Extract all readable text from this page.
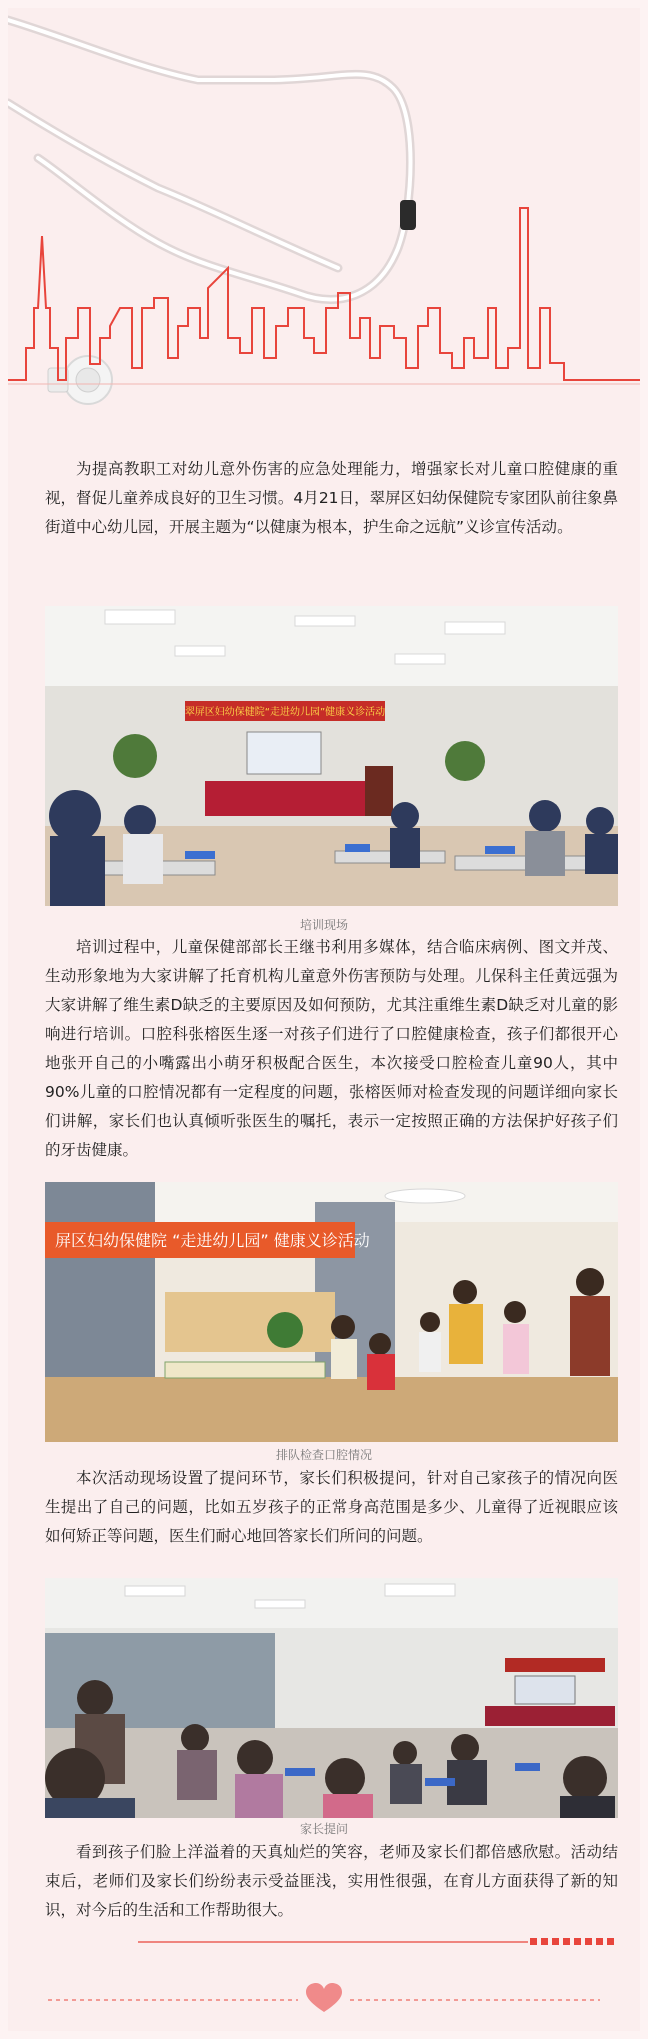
为提高教职工对幼儿意外伤害的应急处理能力，增强家长对儿童口腔健康的重视，督促儿童养成良好的卫生习惯。4月21日，翠屏区妇幼保健院专家团队前往象鼻街道中心幼儿园，开展主题为“以健康为根本，护生命之远航”义诊宣传活动。

翠屏区妇幼保健院“走进幼儿园”健康义诊活动
培训现场

培训过程中，儿童保健部部长王继书利用多媒体，结合临床病例、图文并茂、生动形象地为大家讲解了托育机构儿童意外伤害预防与处理。儿保科主任黄远强为大家讲解了维生素D缺乏的主要原因及如何预防，尤其注重维生素D缺乏对儿童的影响进行培训。口腔科张榕医生逐一对孩子们进行了口腔健康检查，孩子们都很开心地张开自己的小嘴露出小萌牙积极配合医生，本次接受口腔检查儿童90人，其中90%儿童的口腔情况都有一定程度的问题，张榕医师对检查发现的问题详细向家长们讲解，家长们也认真倾听张医生的嘱托，表示一定按照正确的方法保护好孩子们的牙齿健康。

屏区妇幼保健院 “走进幼儿园” 健康义诊活动
排队检查口腔情况

本次活动现场设置了提问环节，家长们积极提问，针对自己家孩子的情况向医生提出了自己的问题，比如五岁孩子的正常身高范围是多少、儿童得了近视眼应该如何矫正等问题，医生们耐心地回答家长们所问的问题。

家长提问

看到孩子们脸上洋溢着的天真灿烂的笑容，老师及家长们都倍感欣慰。活动结束后，老师们及家长们纷纷表示受益匪浅，实用性很强，在育儿方面获得了新的知识，对今后的生活和工作帮助很大。
